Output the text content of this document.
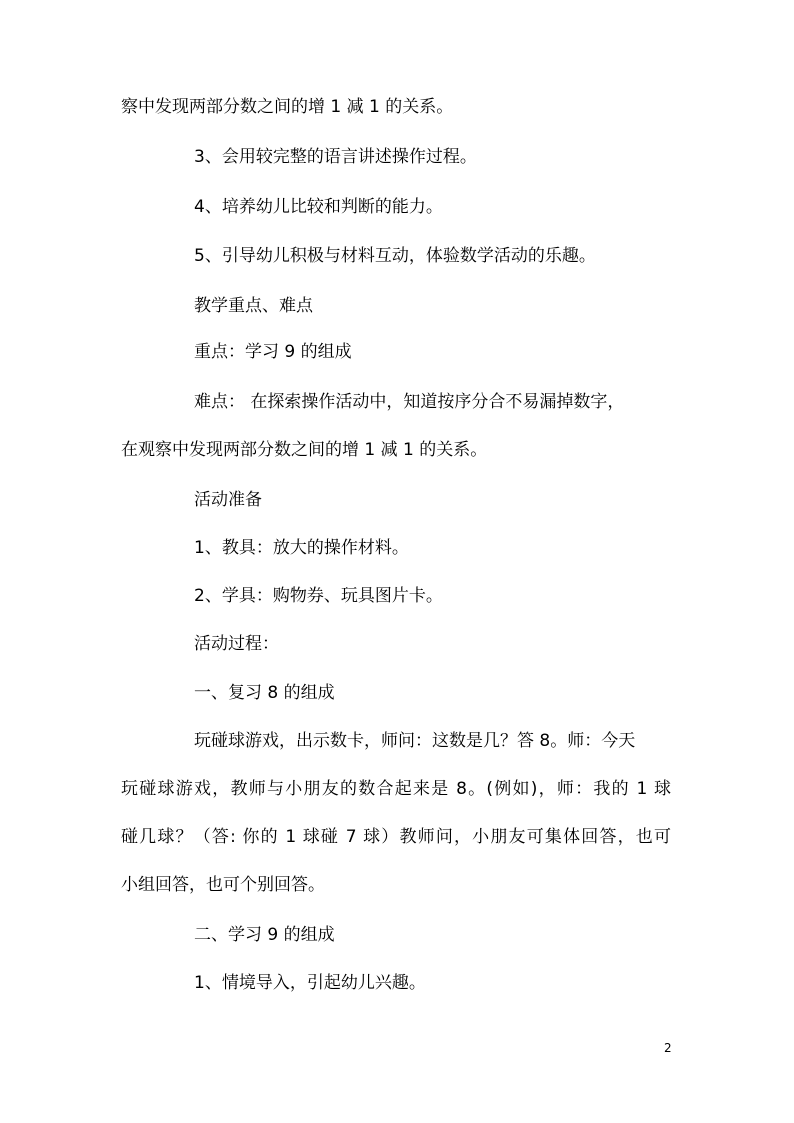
察中发现两部分数之间的增 1 减 1 的关系。
3、会用较完整的语言讲述操作过程。
4、培养幼儿比较和判断的能力。
5、引导幼儿积极与材料互动，体验数学活动的乐趣。
教学重点、难点
重点：学习 9 的组成
难点： 在探索操作活动中，知道按序分合不易漏掉数字，
在观察中发现两部分数之间的增 1 减 1 的关系。
活动准备
1、教具：放大的操作材料。
2、学具：购物券、玩具图片卡。
活动过程：
一、复习 8 的组成
玩碰球游戏，出示数卡，师问：这数是几？答 8。师：今天
玩碰球游戏，教师与小朋友的数合起来是 8。(例如)，师：我的 1 球
碰几球？（答: 你的 1 球碰 7 球）教师问，小朋友可集体回答，也可
小组回答，也可个别回答。
二、学习 9 的组成
1、情境导入，引起幼儿兴趣。
2
